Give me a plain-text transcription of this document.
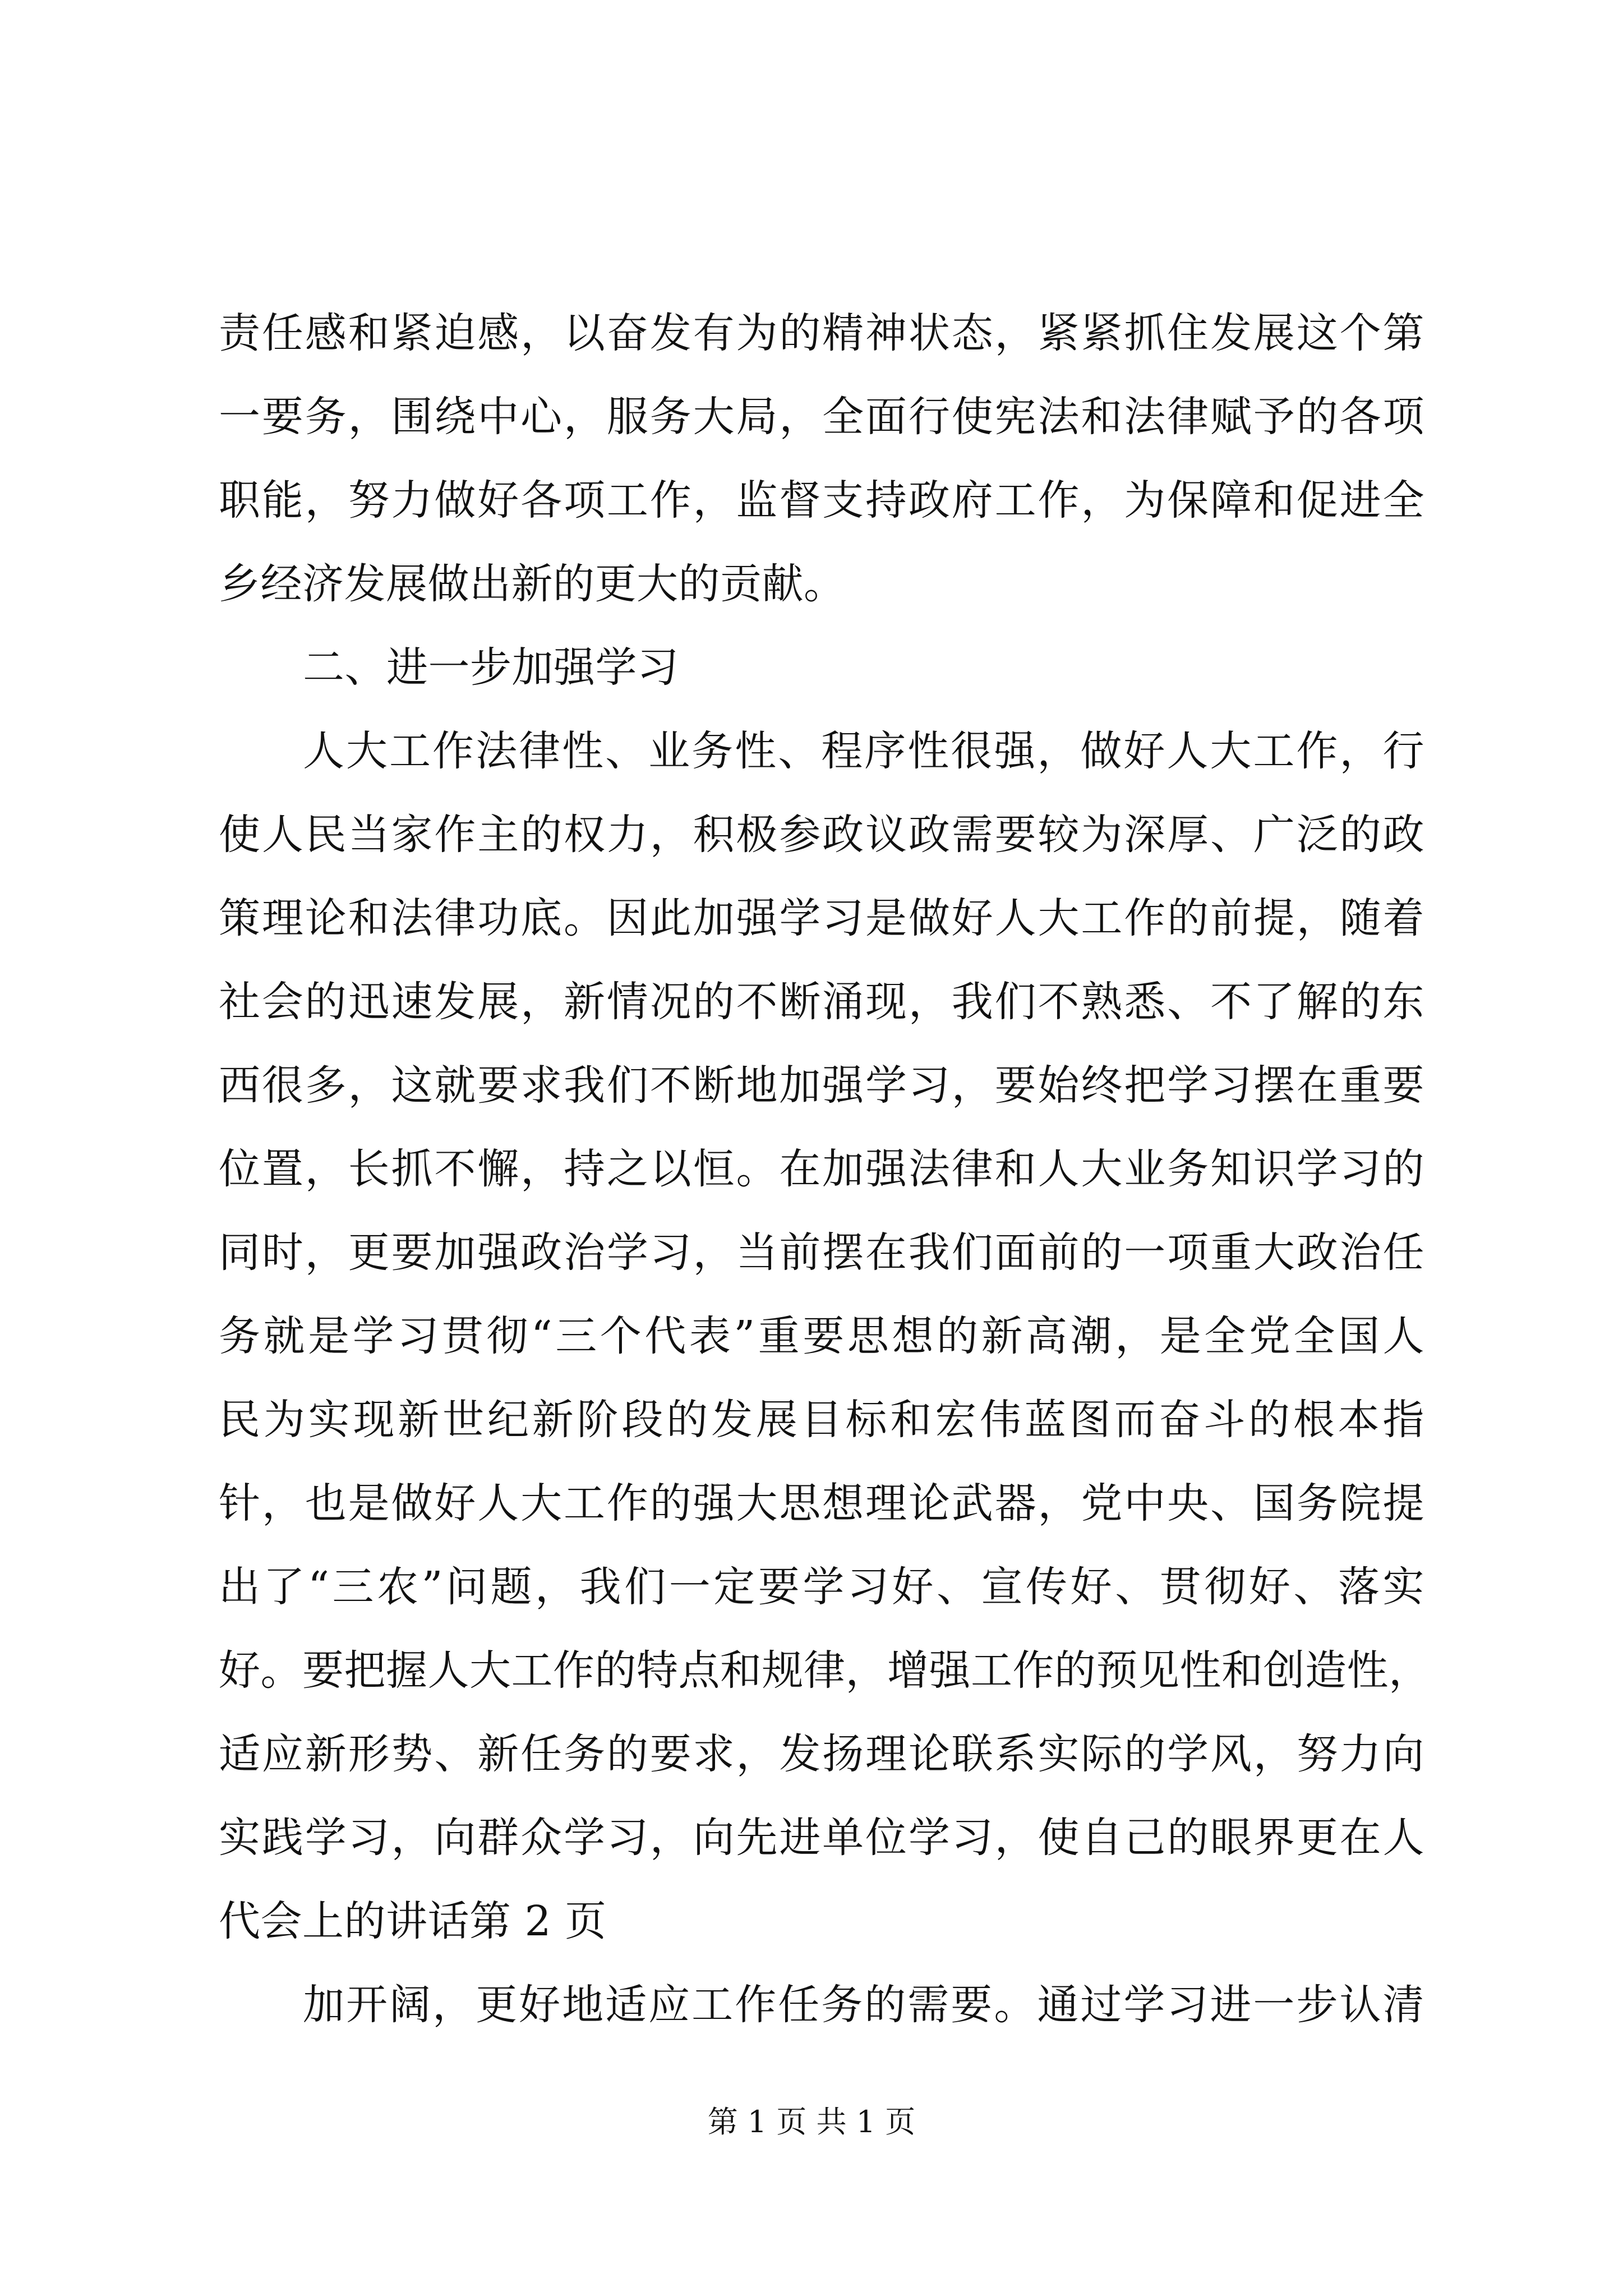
责任感和紧迫感，以奋发有为的精神状态，紧紧抓住发展这个第
一要务，围绕中心，服务大局，全面行使宪法和法律赋予的各项
职能，努力做好各项工作，监督支持政府工作，为保障和促进全
乡经济发展做出新的更大的贡献。
二、进一步加强学习
人大工作法律性、业务性、程序性很强，做好人大工作，行
使人民当家作主的权力，积极参政议政需要较为深厚、广泛的政
策理论和法律功底。因此加强学习是做好人大工作的前提，随着
社会的迅速发展，新情况的不断涌现，我们不熟悉、不了解的东
西很多，这就要求我们不断地加强学习，要始终把学习摆在重要
位置，长抓不懈，持之以恒。在加强法律和人大业务知识学习的
同时，更要加强政治学习，当前摆在我们面前的一项重大政治任
务就是学习贯彻“三个代表”重要思想的新高潮，是全党全国人
民为实现新世纪新阶段的发展目标和宏伟蓝图而奋斗的根本指
针，也是做好人大工作的强大思想理论武器，党中央、国务院提
出了“三农”问题，我们一定要学习好、宣传好、贯彻好、落实
好。要把握人大工作的特点和规律，增强工作的预见性和创造性，
适应新形势、新任务的要求，发扬理论联系实际的学风，努力向
实践学习，向群众学习，向先进单位学习，使自己的眼界更在人
代会上的讲话第 2 页
加开阔，更好地适应工作任务的需要。通过学习进一步认清
第 1 页 共 1 页
